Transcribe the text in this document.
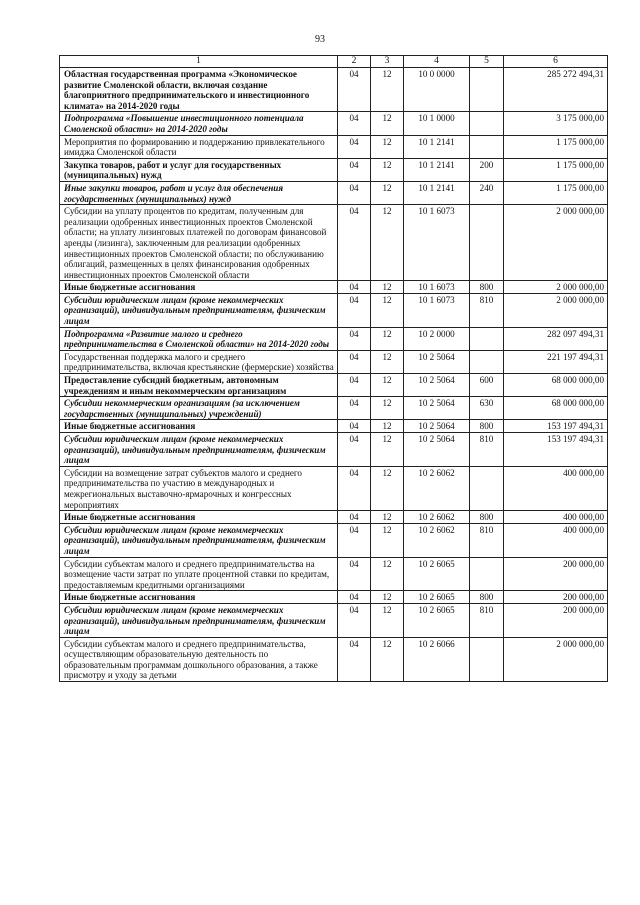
93
1	2	3	4	5	6
Областная государственная программа «Экономическое развитие Смоленской области, включая создание благоприятного предпринимательского и инвестиционного климата» на 2014-2020 годы	04	12	10 0 0000		285 272 494,31
Подпрограмма «Повышение инвестиционного потенциала Смоленской области» на 2014-2020 годы	04	12	10 1 0000		3 175 000,00
Мероприятия по формированию и поддержанию привлекательного имиджа Смоленской области	04	12	10 1 2141		1 175 000,00
Закупка товаров, работ и услуг для государственных (муниципальных) нужд	04	12	10 1 2141	200	1 175 000,00
Иные закупки товаров, работ и услуг для обеспечения государственных (муниципальных) нужд	04	12	10 1 2141	240	1 175 000,00
Субсидии на уплату процентов по кредитам, полученным для реализации одобренных инвестиционных проектов Смоленской области; на уплату лизинговых платежей по договорам финансовой аренды (лизинга), заключенным для реализации одобренных инвестиционных проектов Смоленской области; по обслуживанию облигаций, размещенных в целях финансирования одобренных инвестиционных проектов Смоленской области	04	12	10 1 6073		2 000 000,00
Иные бюджетные ассигнования	04	12	10 1 6073	800	2 000 000,00
Субсидии юридическим лицам (кроме некоммерческих организаций), индивидуальным предпринимателям, физическим лицам	04	12	10 1 6073	810	2 000 000,00
Подпрограмма «Развитие малого и среднего предпринимательства в Смоленской области» на 2014-2020 годы	04	12	10 2 0000		282 097 494,31
Государственная поддержка малого и среднего предпринимательства, включая крестьянские (фермерские) хозяйства	04	12	10 2 5064		221 197 494,31
Предоставление субсидий бюджетным, автономным учреждениям и иным некоммерческим организациям	04	12	10 2 5064	600	68 000 000,00
Субсидии некоммерческим организациям (за исключением государственных (муниципальных) учреждений)	04	12	10 2 5064	630	68 000 000,00
Иные бюджетные ассигнования	04	12	10 2 5064	800	153 197 494,31
Субсидии юридическим лицам (кроме некоммерческих организаций), индивидуальным предпринимателям, физическим лицам	04	12	10 2 5064	810	153 197 494,31
Субсидии на возмещение затрат субъектов малого и среднего предпринимательства по участию в международных и межрегиональных выставочно-ярмарочных и конгрессных мероприятиях	04	12	10 2 6062		400 000,00
Иные бюджетные ассигнования	04	12	10 2 6062	800	400 000,00
Субсидии юридическим лицам (кроме некоммерческих организаций), индивидуальным предпринимателям, физическим лицам	04	12	10 2 6062	810	400 000,00
Субсидии субъектам малого и среднего предпринимательства на возмещение части затрат по уплате процентной ставки по кредитам, предоставляемым кредитными организациями	04	12	10 2 6065		200 000,00
Иные бюджетные ассигнования	04	12	10 2 6065	800	200 000,00
Субсидии юридическим лицам (кроме некоммерческих организаций), индивидуальным предпринимателям, физическим лицам	04	12	10 2 6065	810	200 000,00
Субсидии субъектам малого и среднего предпринимательства, осуществляющим образовательную деятельность по образовательным программам дошкольного образования, а также присмотру и уходу за детьми	04	12	10 2 6066		2 000 000,00
